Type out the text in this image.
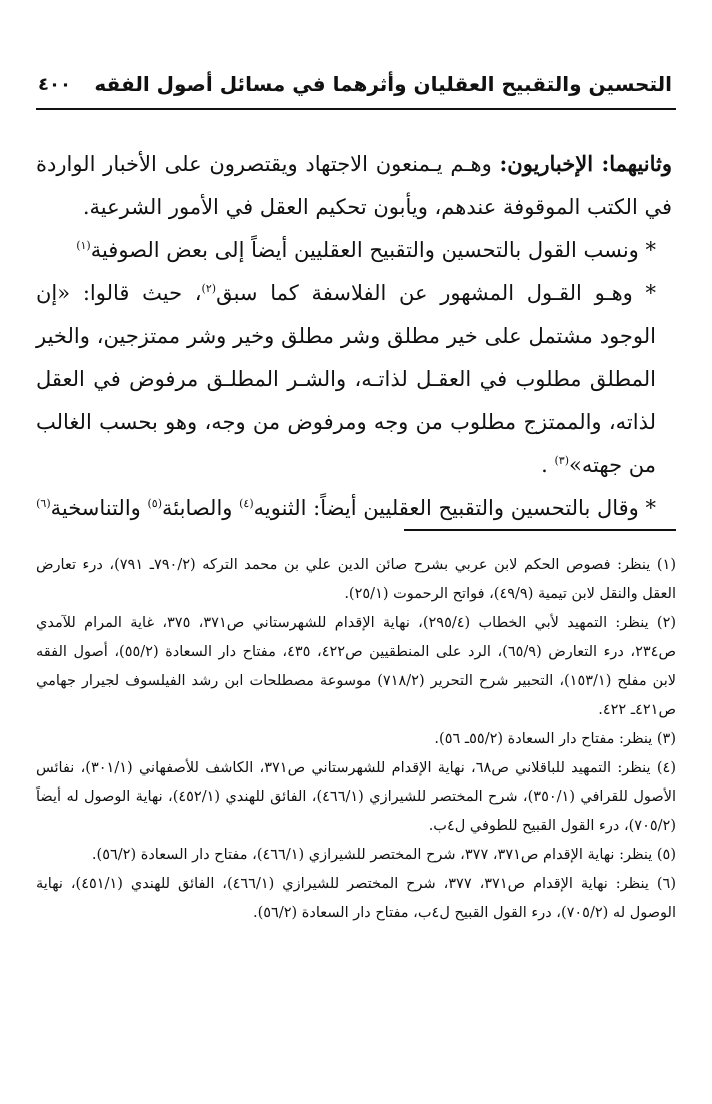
التحسين والتقبيح العقليان وأثرهما في مسائل أصول الفقه
٤٠٠

وثانيهما: الإخباريون: وهـم يـمنعون الاجتهاد ويقتصرون على الأخبار الواردة في الكتب الموقوفة عندهم، ويأبون تحكيم العقل في الأمور الشرعية.

* ونسب القول بالتحسين والتقبيح العقليين أيضاً إلى بعض الصوفية$^{(١)}$

* وهـو القـول المشهور عن الفلاسفة كما سبق$^{(٢)}$، حيث قالوا: «إن الوجود مشتمل على خير مطلق وشر مطلق وخير وشر ممتزجين، والخير المطلق مطلوب في العقـل لذاتـه، والشـر المطلـق مرفوض في العقل لذاته، والممتزج مطلوب من وجه ومرفوض من وجه، وهو بحسب الغالب من جهته»$^{(٣)}$ .

* وقال بالتحسين والتقبيح العقليين أيضاً: الثنويه$^{(٤)}$ والصابئة$^{(٥)}$ والتناسخية$^{(٦)}$

(١) ينظر: فصوص الحكم لابن عربي بشرح صائن الدين علي بن محمد التركه (٧٩٠/٢ـ ٧٩١)، درء تعارض العقل والنقل لابن تيمية (٤٩/٩)، فواتح الرحموت (٢٥/١).

(٢) ينظر: التمهيد لأبي الخطاب (٢٩٥/٤)، نهاية الإقدام للشهرستاني ص٣٧١، ٣٧٥، غاية المرام للآمدي ص٢٣٤، درء التعارض (٦٥/٩)، الرد على المنطقيين ص٤٢٢، ٤٣٥، مفتاح دار السعادة (٥٥/٢)، أصول الفقه لابن مفلح (١٥٣/١)، التحبير شرح التحرير (٧١٨/٢) موسوعة مصطلحات ابن رشد الفيلسوف لجيرار جهامي ص٤٢١ـ ٤٢٢.

(٣) ينظر: مفتاح دار السعادة (٥٥/٢ـ ٥٦).

(٤) ينظر: التمهيد للباقلاني ص٦٨، نهاية الإقدام للشهرستاني ص٣٧١، الكاشف للأصفهاني (٣٠١/١)، نفائس الأصول للقرافي (٣٥٠/١)، شرح المختصر للشيرازي (٤٦٦/١)، الفائق للهندي (٤٥٢/١)، نهاية الوصول له أيضاً (٧٠٥/٢)، درء القول القبيح للطوفي ل٤ب.

(٥) ينظر: نهاية الإقدام ص٣٧١، ٣٧٧، شرح المختصر للشيرازي (٤٦٦/١)، مفتاح دار السعادة (٥٦/٢).

(٦) ينظر: نهاية الإقدام ص٣٧١، ٣٧٧، شرح المختصر للشيرازي (٤٦٦/١)، الفائق للهندي (٤٥١/١)، نهاية الوصول له (٧٠٥/٢)، درء القول القبيح ل٤ب، مفتاح دار السعادة (٥٦/٢).
